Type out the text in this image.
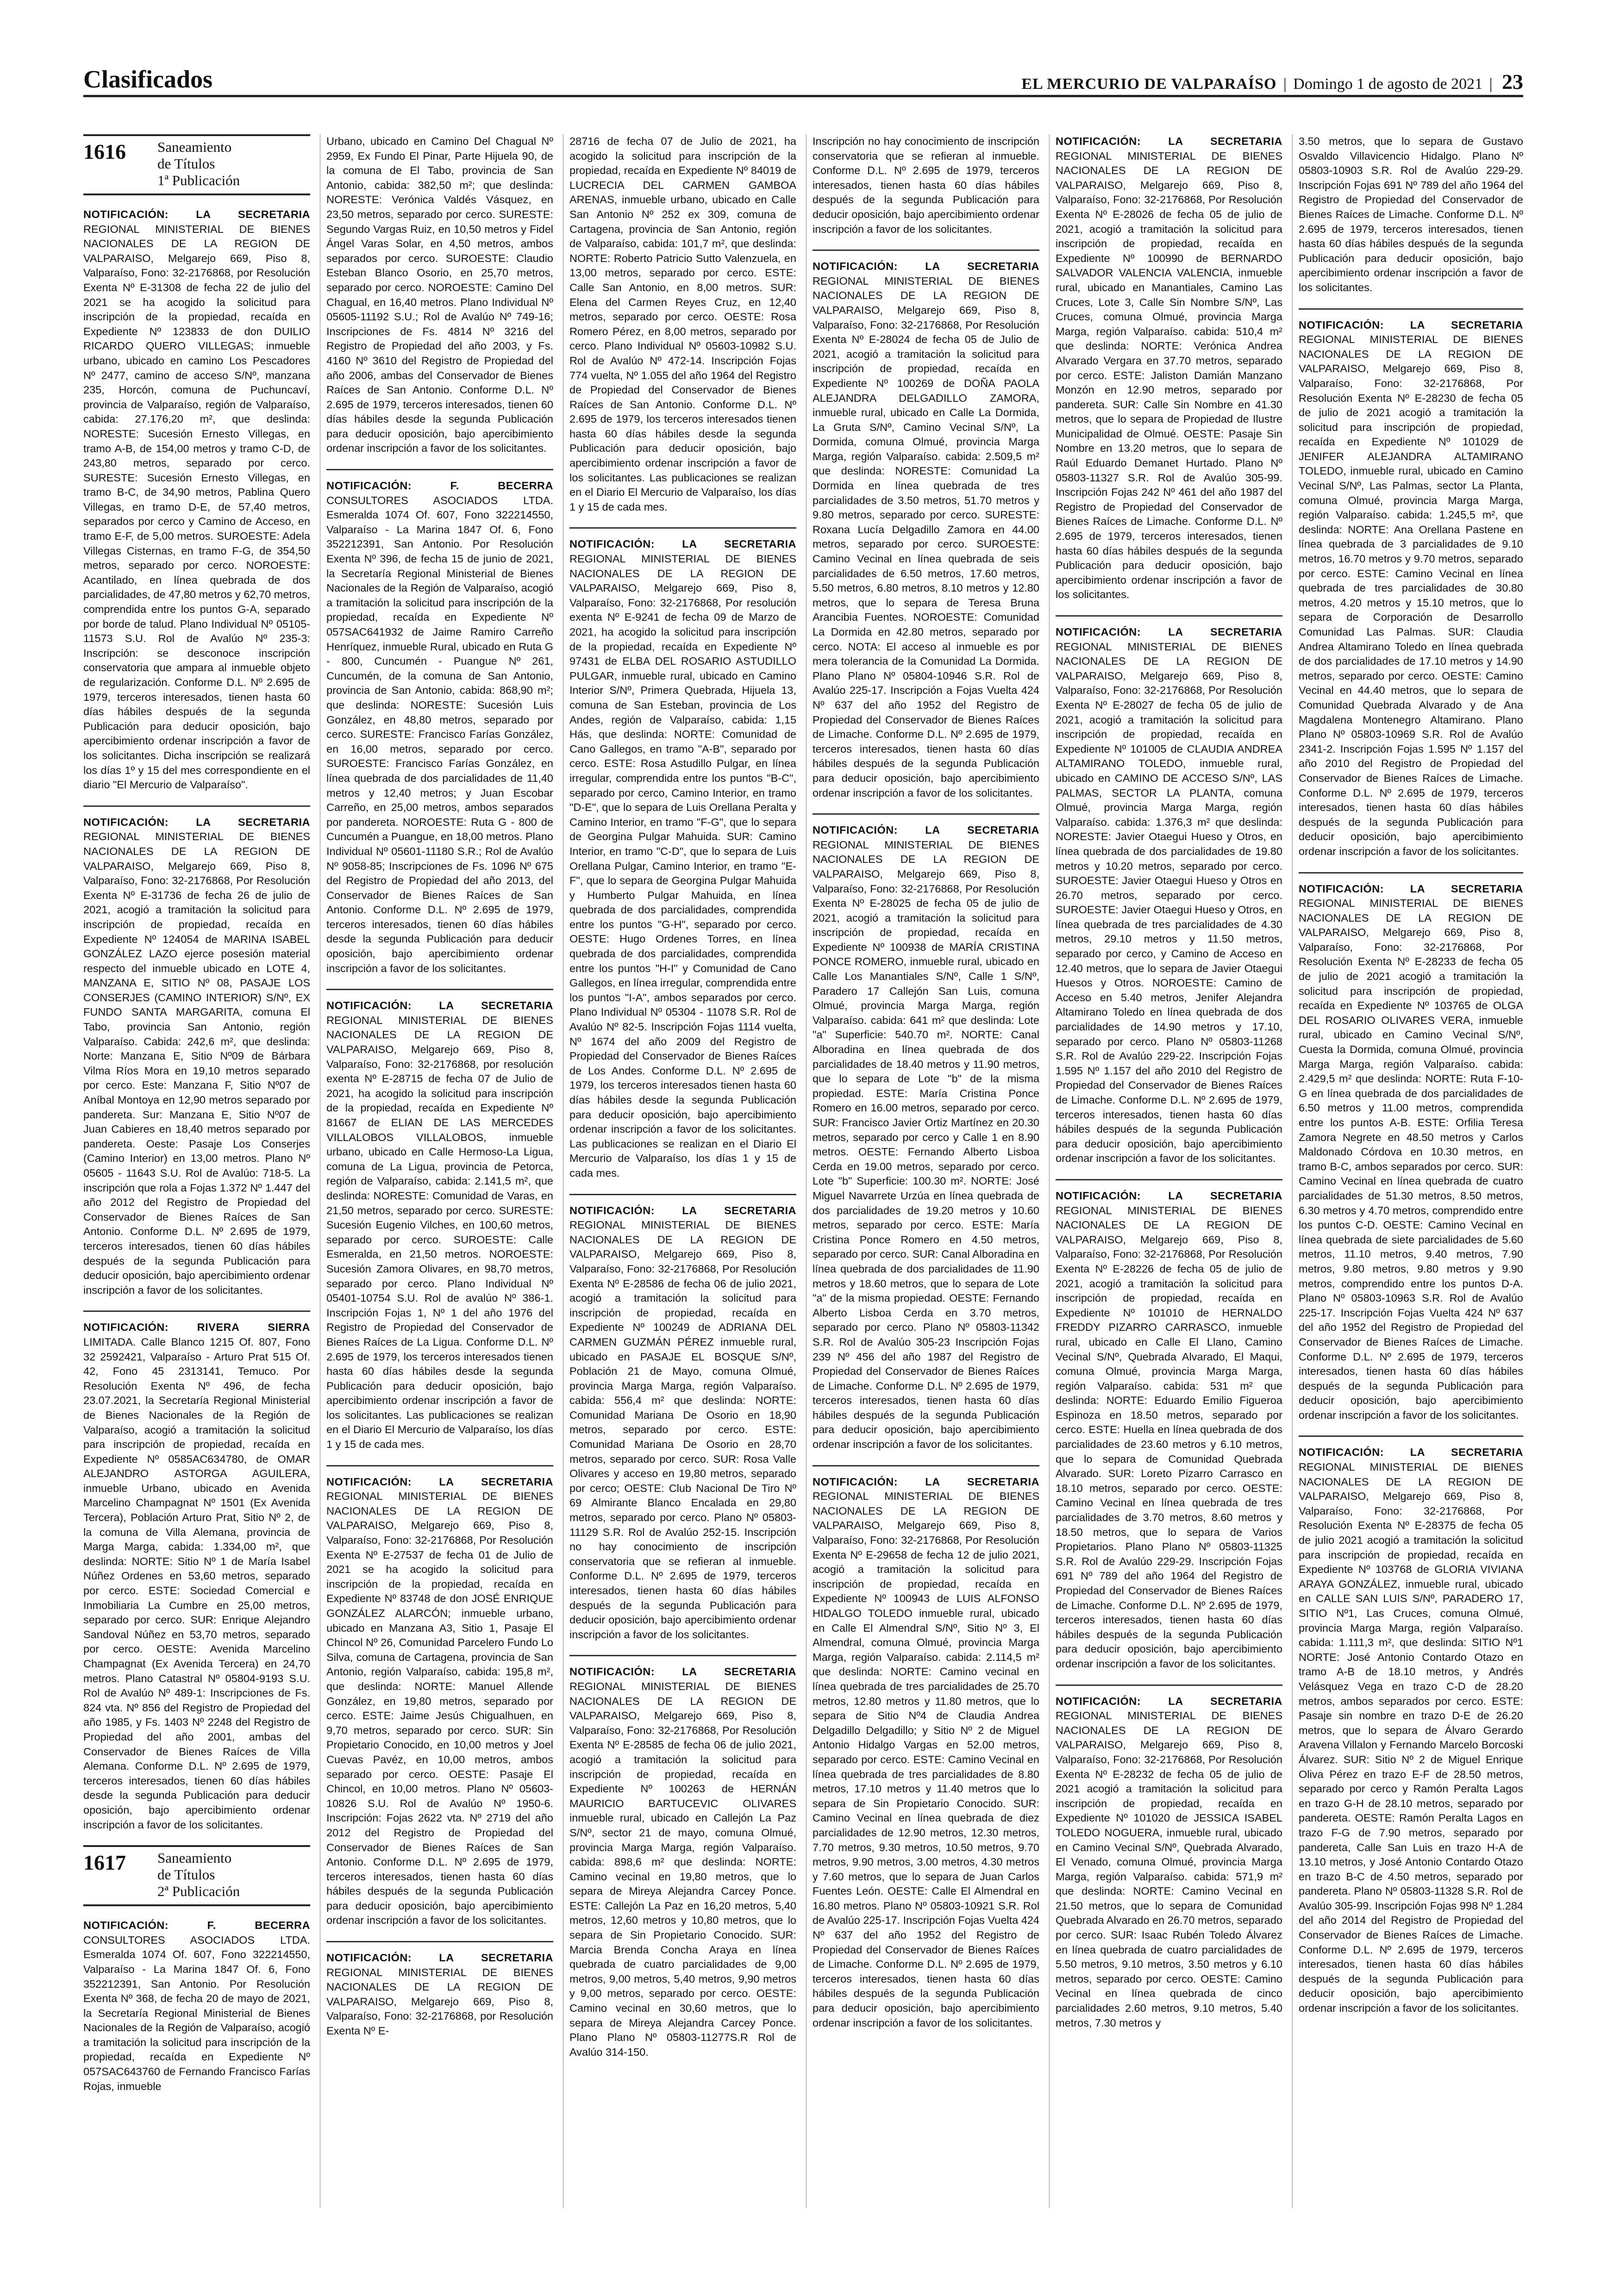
Clasificados	EL MERCURIO DE VALPARAÍSO | Domingo 1 de agosto de 2021 | 23
1616	Saneamiento
de Títulos
1ª Publicación

NOTIFICACIÓN: LA SECRETARIA REGIONAL MINISTERIAL DE BIENES NACIONALES DE LA REGION DE VALPARAISO, Melgarejo 669, Piso 8, Valparaíso, Fono: 32-2176868, por Resolución Exenta Nº E-31308 de fecha 22 de julio del 2021 se ha acogido la solicitud para inscripción de la propiedad, recaída en Expediente Nº 123833 de don DUILIO RICARDO QUERO VILLEGAS; inmueble urbano, ubicado en camino Los Pescadores Nº 2477, camino de acceso S/Nº, manzana 235, Horcón, comuna de Puchuncaví, provincia de Valparaíso, región de Valparaíso, cabida: 27.176,20 m², que deslinda: NORESTE: Sucesión Ernesto Villegas, en tramo A-B, de 154,00 metros y tramo C-D, de 243,80 metros, separado por cerco. SURESTE: Sucesión Ernesto Villegas, en tramo B-C, de 34,90 metros, Pablina Quero Villegas, en tramo D-E, de 57,40 metros, separados por cerco y Camino de Acceso, en tramo E-F, de 5,00 metros. SUROESTE: Adela Villegas Cisternas, en tramo F-G, de 354,50 metros, separado por cerco. NOROESTE: Acantilado, en línea quebrada de dos parcialidades, de 47,80 metros y 62,70 metros, comprendida entre los puntos G-A, separado por borde de talud. Plano Individual Nº 05105-11573 S.U. Rol de Avalúo Nº 235-3: Inscripción: se desconoce inscripción conservatoria que ampara al inmueble objeto de regularización. Conforme D.L. Nº 2.695 de 1979, terceros interesados, tienen hasta 60 días hábiles después de la segunda Publicación para deducir oposición, bajo apercibimiento ordenar inscripción a favor de los solicitantes. Dicha inscripción se realizará los días 1º y 15 del mes correspondiente en el diario "El Mercurio de Valparaíso".

NOTIFICACIÓN: LA SECRETARIA REGIONAL MINISTERIAL DE BIENES NACIONALES DE LA REGION DE VALPARAISO, Melgarejo 669, Piso 8, Valparaíso, Fono: 32-2176868, Por Resolución Exenta Nº E-31736 de fecha 26 de julio de 2021, acogió a tramitación la solicitud para inscripción de propiedad, recaída en Expediente Nº 124054 de MARINA ISABEL GONZÁLEZ LAZO ejerce posesión material respecto del inmueble ubicado en LOTE 4, MANZANA E, SITIO Nº 08, PASAJE LOS CONSERJES (CAMINO INTERIOR) S/Nº, EX FUNDO SANTA MARGARITA, comuna El Tabo, provincia San Antonio, región Valparaíso. Cabida: 242,6 m², que deslinda: Norte: Manzana E, Sitio Nº09 de Bárbara Vilma Ríos Mora en 19,10 metros separado por cerco. Este: Manzana F, Sitio Nº07 de Aníbal Montoya en 12,90 metros separado por pandereta. Sur: Manzana E, Sitio Nº07 de Juan Cabieres en 18,40 metros separado por pandereta. Oeste: Pasaje Los Conserjes (Camino Interior) en 13,00 metros. Plano Nº 05605 - 11643 S.U. Rol de Avalúo: 718-5. La inscripción que rola a Fojas 1.372 Nº 1.447 del año 2012 del Registro de Propiedad del Conservador de Bienes Raíces de San Antonio. Conforme D.L. Nº 2.695 de 1979, terceros interesados, tienen 60 días hábiles después de la segunda Publicación para deducir oposición, bajo apercibimiento ordenar inscripción a favor de los solicitantes.

NOTIFICACIÓN: RIVERA SIERRA LIMITADA. Calle Blanco 1215 Of. 807, Fono 32 2592421, Valparaíso - Arturo Prat 515 Of. 42, Fono 45 2313141, Temuco. Por Resolución Exenta Nº 496, de fecha 23.07.2021, la Secretaría Regional Ministerial de Bienes Nacionales de la Región de Valparaíso, acogió a tramitación la solicitud para inscripción de propiedad, recaída en Expediente Nº 0585AC634780, de OMAR ALEJANDRO ASTORGA AGUILERA, inmueble Urbano, ubicado en Avenida Marcelino Champagnat Nº 1501 (Ex Avenida Tercera), Población Arturo Prat, Sitio Nº 2, de la comuna de Villa Alemana, provincia de Marga Marga, cabida: 1.334,00 m², que deslinda: NORTE: Sitio Nº 1 de María Isabel Núñez Ordenes en 53,60 metros, separado por cerco. ESTE: Sociedad Comercial e Inmobiliaria La Cumbre en 25,00 metros, separado por cerco. SUR: Enrique Alejandro Sandoval Núñez en 53,70 metros, separado por cerco. OESTE: Avenida Marcelino Champagnat (Ex Avenida Tercera) en 24,70 metros. Plano Catastral Nº 05804-9193 S.U. Rol de Avalúo Nº 489-1: Inscripciones de Fs. 824 vta. Nº 856 del Registro de Propiedad del año 1985, y Fs. 1403 Nº 2248 del Registro de Propiedad del año 2001, ambas del Conservador de Bienes Raíces de Villa Alemana. Conforme D.L. Nº 2.695 de 1979, terceros interesados, tienen 60 días hábiles desde la segunda Publicación para deducir oposición, bajo apercibimiento ordenar inscripción a favor de los solicitantes.

1617	Saneamiento
de Títulos
2ª Publicación

NOTIFICACIÓN: F. BECERRA CONSULTORES ASOCIADOS LTDA. Esmeralda 1074 Of. 607, Fono 322214550, Valparaíso - La Marina 1847 Of. 6, Fono 352212391, San Antonio. Por Resolución Exenta Nº 368, de fecha 20 de mayo de 2021, la Secretaría Regional Ministerial de Bienes Nacionales de la Región de Valparaíso, acogió a tramitación la solicitud para inscripción de la propiedad, recaída en Expediente Nº 057SAC643760 de Fernando Francisco Farías Rojas, inmueble

Urbano, ubicado en Camino Del Chagual Nº 2959, Ex Fundo El Pinar, Parte Hijuela 90, de la comuna de El Tabo, provincia de San Antonio, cabida: 382,50 m²; que deslinda: NORESTE: Verónica Valdés Vásquez, en 23,50 metros, separado por cerco. SURESTE: Segundo Vargas Ruiz, en 10,50 metros y Fidel Ángel Varas Solar, en 4,50 metros, ambos separados por cerco. SUROESTE: Claudio Esteban Blanco Osorio, en 25,70 metros, separado por cerco. NOROESTE: Camino Del Chagual, en 16,40 metros. Plano Individual Nº 05605-11192 S.U.; Rol de Avalúo Nº 749-16; Inscripciones de Fs. 4814 Nº 3216 del Registro de Propiedad del año 2003, y Fs. 4160 Nº 3610 del Registro de Propiedad del año 2006, ambas del Conservador de Bienes Raíces de San Antonio. Conforme D.L. Nº 2.695 de 1979, terceros interesados, tienen 60 días hábiles desde la segunda Publicación para deducir oposición, bajo apercibimiento ordenar inscripción a favor de los solicitantes.

NOTIFICACIÓN: F. BECERRA CONSULTORES ASOCIADOS LTDA. Esmeralda 1074 Of. 607, Fono 322214550, Valparaíso - La Marina 1847 Of. 6, Fono 352212391, San Antonio. Por Resolución Exenta Nº 396, de fecha 15 de junio de 2021, la Secretaría Regional Ministerial de Bienes Nacionales de la Región de Valparaíso, acogió a tramitación la solicitud para inscripción de la propiedad, recaída en Expediente Nº 057SAC641932 de Jaime Ramiro Carreño Henríquez, inmueble Rural, ubicado en Ruta G - 800, Cuncumén - Puangue Nº 261, Cuncumén, de la comuna de San Antonio, provincia de San Antonio, cabida: 868,90 m²; que deslinda: NORESTE: Sucesión Luis González, en 48,80 metros, separado por cerco. SURESTE: Francisco Farías González, en 16,00 metros, separado por cerco. SUROESTE: Francisco Farías González, en línea quebrada de dos parcialidades de 11,40 metros y 12,40 metros; y Juan Escobar Carreño, en 25,00 metros, ambos separados por pandereta. NOROESTE: Ruta G - 800 de Cuncumén a Puangue, en 18,00 metros. Plano Individual Nº 05601-11180 S.R.; Rol de Avalúo Nº 9058-85; Inscripciones de Fs. 1096 Nº 675 del Registro de Propiedad del año 2013, del Conservador de Bienes Raíces de San Antonio. Conforme D.L. Nº 2.695 de 1979, terceros interesados, tienen 60 días hábiles desde la segunda Publicación para deducir oposición, bajo apercibimiento ordenar inscripción a favor de los solicitantes.

NOTIFICACIÓN: LA SECRETARIA REGIONAL MINISTERIAL DE BIENES NACIONALES DE LA REGION DE VALPARAISO, Melgarejo 669, Piso 8, Valparaíso, Fono: 32-2176868, por resolución exenta Nº E-28715 de fecha 07 de Julio de 2021, ha acogido la solicitud para inscripción de la propiedad, recaída en Expediente Nº 81667 de ELIAN DE LAS MERCEDES VILLALOBOS VILLALOBOS, inmueble urbano, ubicado en Calle Hermoso-La Ligua, comuna de La Ligua, provincia de Petorca, región de Valparaíso, cabida: 2.141,5 m², que deslinda: NORESTE: Comunidad de Varas, en 21,50 metros, separado por cerco. SURESTE: Sucesión Eugenio Vilches, en 100,60 metros, separado por cerco. SUROESTE: Calle Esmeralda, en 21,50 metros. NOROESTE: Sucesión Zamora Olivares, en 98,70 metros, separado por cerco. Plano Individual Nº 05401-10754 S.U. Rol de avalúo Nº 386-1. Inscripción Fojas 1, Nº 1 del año 1976 del Registro de Propiedad del Conservador de Bienes Raíces de La Ligua. Conforme D.L. Nº 2.695 de 1979, los terceros interesados tienen hasta 60 días hábiles desde la segunda Publicación para deducir oposición, bajo apercibimiento ordenar inscripción a favor de los solicitantes. Las publicaciones se realizan en el Diario El Mercurio de Valparaíso, los días 1 y 15 de cada mes.

NOTIFICACIÓN: LA SECRETARIA REGIONAL MINISTERIAL DE BIENES NACIONALES DE LA REGION DE VALPARAISO, Melgarejo 669, Piso 8, Valparaíso, Fono: 32-2176868, Por Resolución Exenta Nº E-27537 de fecha 01 de Julio de 2021 se ha acogido la solicitud para inscripción de la propiedad, recaída en Expediente Nº 83748 de don JOSÉ ENRIQUE GONZÁLEZ ALARCÓN; inmueble urbano, ubicado en Manzana A3, Sitio 1, Pasaje El Chincol Nº 26, Comunidad Parcelero Fundo Lo Silva, comuna de Cartagena, provincia de San Antonio, región Valparaíso, cabida: 195,8 m², que deslinda: NORTE: Manuel Allende González, en 19,80 metros, separado por cerco. ESTE: Jaime Jesús Chigualhuen, en 9,70 metros, separado por cerco. SUR: Sin Propietario Conocido, en 10,00 metros y Joel Cuevas Pavéz, en 10,00 metros, ambos separado por cerco. OESTE: Pasaje El Chincol, en 10,00 metros. Plano Nº 05603-10826 S.U. Rol de Avalúo Nº 1950-6. Inscripción: Fojas 2622 vta. Nº 2719 del año 2012 del Registro de Propiedad del Conservador de Bienes Raíces de San Antonio. Conforme D.L. Nº 2.695 de 1979, terceros interesados, tienen hasta 60 días hábiles después de la segunda Publicación para deducir oposición, bajo apercibimiento ordenar inscripción a favor de los solicitantes.

NOTIFICACIÓN: LA SECRETARIA REGIONAL MINISTERIAL DE BIENES NACIONALES DE LA REGION DE VALPARAISO, Melgarejo 669, Piso 8, Valparaíso, Fono: 32-2176868, por Resolución Exenta Nº E-

28716 de fecha 07 de Julio de 2021, ha acogido la solicitud para inscripción de la propiedad, recaída en Expediente Nº 84019 de LUCRECIA DEL CARMEN GAMBOA ARENAS, inmueble urbano, ubicado en Calle San Antonio Nº 252 ex 309, comuna de Cartagena, provincia de San Antonio, región de Valparaíso, cabida: 101,7 m², que deslinda: NORTE: Roberto Patricio Sutto Valenzuela, en 13,00 metros, separado por cerco. ESTE: Calle San Antonio, en 8,00 metros. SUR: Elena del Carmen Reyes Cruz, en 12,40 metros, separado por cerco. OESTE: Rosa Romero Pérez, en 8,00 metros, separado por cerco. Plano Individual Nº 05603-10982 S.U. Rol de Avalúo Nº 472-14. Inscripción Fojas 774 vuelta, Nº 1.055 del año 1964 del Registro de Propiedad del Conservador de Bienes Raíces de San Antonio. Conforme D.L. Nº 2.695 de 1979, los terceros interesados tienen hasta 60 días hábiles desde la segunda Publicación para deducir oposición, bajo apercibimiento ordenar inscripción a favor de los solicitantes. Las publicaciones se realizan en el Diario El Mercurio de Valparaíso, los días 1 y 15 de cada mes.

NOTIFICACIÓN: LA SECRETARIA REGIONAL MINISTERIAL DE BIENES NACIONALES DE LA REGION DE VALPARAISO, Melgarejo 669, Piso 8, Valparaíso, Fono: 32-2176868, Por resolución exenta Nº E-9241 de fecha 09 de Marzo de 2021, ha acogido la solicitud para inscripción de la propiedad, recaída en Expediente Nº 97431 de ELBA DEL ROSARIO ASTUDILLO PULGAR, inmueble rural, ubicado en Camino Interior S/Nº, Primera Quebrada, Hijuela 13, comuna de San Esteban, provincia de Los Andes, región de Valparaíso, cabida: 1,15 Hás, que deslinda: NORTE: Comunidad de Cano Gallegos, en tramo "A-B", separado por cerco. ESTE: Rosa Astudillo Pulgar, en línea irregular, comprendida entre los puntos "B-C", separado por cerco, Camino Interior, en tramo "D-E", que lo separa de Luis Orellana Peralta y Camino Interior, en tramo "F-G", que lo separa de Georgina Pulgar Mahuida. SUR: Camino Interior, en tramo "C-D", que lo separa de Luis Orellana Pulgar, Camino Interior, en tramo "E-F", que lo separa de Georgina Pulgar Mahuida y Humberto Pulgar Mahuida, en línea quebrada de dos parcialidades, comprendida entre los puntos "G-H", separado por cerco. OESTE: Hugo Ordenes Torres, en línea quebrada de dos parcialidades, comprendida entre los puntos "H-I" y Comunidad de Cano Gallegos, en línea irregular, comprendida entre los puntos "I-A", ambos separados por cerco. Plano Individual Nº 05304 - 11078 S.R. Rol de Avalúo Nº 82-5. Inscripción Fojas 1114 vuelta, Nº 1674 del año 2009 del Registro de Propiedad del Conservador de Bienes Raíces de Los Andes. Conforme D.L. Nº 2.695 de 1979, los terceros interesados tienen hasta 60 días hábiles desde la segunda Publicación para deducir oposición, bajo apercibimiento ordenar inscripción a favor de los solicitantes. Las publicaciones se realizan en el Diario El Mercurio de Valparaíso, los días 1 y 15 de cada mes.

NOTIFICACIÓN: LA SECRETARIA REGIONAL MINISTERIAL DE BIENES NACIONALES DE LA REGION DE VALPARAISO, Melgarejo 669, Piso 8, Valparaíso, Fono: 32-2176868, Por Resolución Exenta Nº E-28586 de fecha 06 de julio 2021, acogió a tramitación la solicitud para inscripción de propiedad, recaída en Expediente Nº 100249 de ADRIANA DEL CARMEN GUZMÁN PÉREZ inmueble rural, ubicado en PASAJE EL BOSQUE S/Nº, Población 21 de Mayo, comuna Olmué, provincia Marga Marga, región Valparaíso. cabida: 556,4 m² que deslinda: NORTE: Comunidad Mariana De Osorio en 18,90 metros, separado por cerco. ESTE: Comunidad Mariana De Osorio en 28,70 metros, separado por cerco. SUR: Rosa Valle Olivares y acceso en 19,80 metros, separado por cerco; OESTE: Club Nacional De Tiro Nº 69 Almirante Blanco Encalada en 29,80 metros, separado por cerco. Plano Nº 05803-11129 S.R. Rol de Avalúo 252-15. Inscripción no hay conocimiento de inscripción conservatoria que se refieran al inmueble. Conforme D.L. Nº 2.695 de 1979, terceros interesados, tienen hasta 60 días hábiles después de la segunda Publicación para deducir oposición, bajo apercibimiento ordenar inscripción a favor de los solicitantes.

NOTIFICACIÓN: LA SECRETARIA REGIONAL MINISTERIAL DE BIENES NACIONALES DE LA REGION DE VALPARAISO, Melgarejo 669, Piso 8, Valparaíso, Fono: 32-2176868, Por Resolución Exenta Nº E-28585 de fecha 06 de julio 2021, acogió a tramitación la solicitud para inscripción de propiedad, recaída en Expediente Nº 100263 de HERNÁN MAURICIO BARTUCEVIC OLIVARES inmueble rural, ubicado en Callejón La Paz S/Nº, sector 21 de mayo, comuna Olmué, provincia Marga Marga, región Valparaíso. cabida: 898,6 m² que deslinda: NORTE: Camino vecinal en 19,80 metros, que lo separa de Mireya Alejandra Carcey Ponce. ESTE: Callejón La Paz en 16,20 metros, 5,40 metros, 12,60 metros y 10,80 metros, que lo separa de Sin Propietario Conocido. SUR: Marcia Brenda Concha Araya en línea quebrada de cuatro parcialidades de 9,00 metros, 9,00 metros, 5,40 metros, 9,90 metros y 9,00 metros, separado por cerco. OESTE: Camino vecinal en 30,60 metros, que lo separa de Mireya Alejandra Carcey Ponce. Plano Plano Nº 05803-11277S.R Rol de Avalúo 314-150.

Inscripción no hay conocimiento de inscripción conservatoria que se refieran al inmueble. Conforme D.L. Nº 2.695 de 1979, terceros interesados, tienen hasta 60 días hábiles después de la segunda Publicación para deducir oposición, bajo apercibimiento ordenar inscripción a favor de los solicitantes.

NOTIFICACIÓN: LA SECRETARIA REGIONAL MINISTERIAL DE BIENES NACIONALES DE LA REGION DE VALPARAISO, Melgarejo 669, Piso 8, Valparaíso, Fono: 32-2176868, Por Resolución Exenta Nº E-28024 de fecha 05 de Julio de 2021, acogió a tramitación la solicitud para inscripción de propiedad, recaída en Expediente Nº 100269 de DOÑA PAOLA ALEJANDRA DELGADILLO ZAMORA, inmueble rural, ubicado en Calle La Dormida, La Gruta S/Nº, Camino Vecinal S/Nº, La Dormida, comuna Olmué, provincia Marga Marga, región Valparaíso. cabida: 2.509,5 m² que deslinda: NORESTE: Comunidad La Dormida en línea quebrada de tres parcialidades de 3.50 metros, 51.70 metros y 9.80 metros, separado por cerco. SURESTE: Roxana Lucía Delgadillo Zamora en 44.00 metros, separado por cerco. SUROESTE: Camino Vecinal en línea quebrada de seis parcialidades de 6.50 metros, 17.60 metros, 5.50 metros, 6.80 metros, 8.10 metros y 12.80 metros, que lo separa de Teresa Bruna Arancibia Fuentes. NOROESTE: Comunidad La Dormida en 42.80 metros, separado por cerco. NOTA: El acceso al inmueble es por mera tolerancia de la Comunidad La Dormida. Plano Plano Nº 05804-10946 S.R. Rol de Avalúo 225-17. Inscripción a Fojas Vuelta 424 Nº 637 del año 1952 del Registro de Propiedad del Conservador de Bienes Raíces de Limache. Conforme D.L. Nº 2.695 de 1979, terceros interesados, tienen hasta 60 días hábiles después de la segunda Publicación para deducir oposición, bajo apercibimiento ordenar inscripción a favor de los solicitantes.

NOTIFICACIÓN: LA SECRETARIA REGIONAL MINISTERIAL DE BIENES NACIONALES DE LA REGION DE VALPARAISO, Melgarejo 669, Piso 8, Valparaíso, Fono: 32-2176868, Por Resolución Exenta Nº E-28025 de fecha 05 de julio de 2021, acogió a tramitación la solicitud para inscripción de propiedad, recaída en Expediente Nº 100938 de MARÍA CRISTINA PONCE ROMERO, inmueble rural, ubicado en Calle Los Manantiales S/Nº, Calle 1 S/Nº, Paradero 17 Callejón San Luis, comuna Olmué, provincia Marga Marga, región Valparaíso. cabida: 641 m² que deslinda: Lote "a" Superficie: 540.70 m². NORTE: Canal Alboradina en línea quebrada de dos parcialidades de 18.40 metros y 11.90 metros, que lo separa de Lote "b" de la misma propiedad. ESTE: María Cristina Ponce Romero en 16.00 metros, separado por cerco. SUR: Francisco Javier Ortiz Martínez en 20.30 metros, separado por cerco y Calle 1 en 8.90 metros. OESTE: Fernando Alberto Lisboa Cerda en 19.00 metros, separado por cerco. Lote "b" Superficie: 100.30 m². NORTE: José Miguel Navarrete Urzúa en línea quebrada de dos parcialidades de 19.20 metros y 10.60 metros, separado por cerco. ESTE: María Cristina Ponce Romero en 4.50 metros, separado por cerco. SUR: Canal Alboradina en línea quebrada de dos parcialidades de 11.90 metros y 18.60 metros, que lo separa de Lote "a" de la misma propiedad. OESTE: Fernando Alberto Lisboa Cerda en 3.70 metros, separado por cerco. Plano Nº 05803-11342 S.R. Rol de Avalúo 305-23 Inscripción Fojas 239 Nº 456 del año 1987 del Registro de Propiedad del Conservador de Bienes Raíces de Limache. Conforme D.L. Nº 2.695 de 1979, terceros interesados, tienen hasta 60 días hábiles después de la segunda Publicación para deducir oposición, bajo apercibimiento ordenar inscripción a favor de los solicitantes.

NOTIFICACIÓN: LA SECRETARIA REGIONAL MINISTERIAL DE BIENES NACIONALES DE LA REGION DE VALPARAISO, Melgarejo 669, Piso 8, Valparaíso, Fono: 32-2176868, Por Resolución Exenta Nº E-29658 de fecha 12 de julio 2021, acogió a tramitación la solicitud para inscripción de propiedad, recaída en Expediente Nº 100943 de LUIS ALFONSO HIDALGO TOLEDO inmueble rural, ubicado en Calle El Almendral S/Nº, Sitio Nº 3, El Almendral, comuna Olmué, provincia Marga Marga, región Valparaíso. cabida: 2.114,5 m² que deslinda: NORTE: Camino vecinal en línea quebrada de tres parcialidades de 25.70 metros, 12.80 metros y 11.80 metros, que lo separa de Sitio Nº4 de Claudia Andrea Delgadillo Delgadillo; y Sitio Nº 2 de Miguel Antonio Hidalgo Vargas en 52.00 metros, separado por cerco. ESTE: Camino Vecinal en línea quebrada de tres parcialidades de 8.80 metros, 17.10 metros y 11.40 metros que lo separa de Sin Propietario Conocido. SUR: Camino Vecinal en línea quebrada de diez parcialidades de 12.90 metros, 12.30 metros, 7.70 metros, 9.30 metros, 10.50 metros, 9.70 metros, 9.90 metros, 3.00 metros, 4.30 metros y 7.60 metros, que lo separa de Juan Carlos Fuentes León. OESTE: Calle El Almendral en 16.80 metros. Plano Nº 05803-10921 S.R. Rol de Avalúo 225-17. Inscripción Fojas Vuelta 424 Nº 637 del año 1952 del Registro de Propiedad del Conservador de Bienes Raíces de Limache. Conforme D.L. Nº 2.695 de 1979, terceros interesados, tienen hasta 60 días hábiles después de la segunda Publicación para deducir oposición, bajo apercibimiento ordenar inscripción a favor de los solicitantes.

NOTIFICACIÓN: LA SECRETARIA REGIONAL MINISTERIAL DE BIENES NACIONALES DE LA REGION DE VALPARAISO, Melgarejo 669, Piso 8, Valparaíso, Fono: 32-2176868, Por Resolución Exenta Nº E-28026 de fecha 05 de julio de 2021, acogió a tramitación la solicitud para inscripción de propiedad, recaída en Expediente Nº 100990 de BERNARDO SALVADOR VALENCIA VALENCIA, inmueble rural, ubicado en Manantiales, Camino Las Cruces, Lote 3, Calle Sin Nombre S/Nº, Las Cruces, comuna Olmué, provincia Marga Marga, región Valparaíso. cabida: 510,4 m² que deslinda: NORTE: Verónica Andrea Alvarado Vergara en 37.70 metros, separado por cerco. ESTE: Jaliston Damián Manzano Monzón en 12.90 metros, separado por pandereta. SUR: Calle Sin Nombre en 41.30 metros, que lo separa de Propiedad de Ilustre Municipalidad de Olmué. OESTE: Pasaje Sin Nombre en 13.20 metros, que lo separa de Raúl Eduardo Demanet Hurtado. Plano Nº 05803-11327 S.R. Rol de Avalúo 305-99. Inscripción Fojas 242 Nº 461 del año 1987 del Registro de Propiedad del Conservador de Bienes Raíces de Limache. Conforme D.L. Nº 2.695 de 1979, terceros interesados, tienen hasta 60 días hábiles después de la segunda Publicación para deducir oposición, bajo apercibimiento ordenar inscripción a favor de los solicitantes.

NOTIFICACIÓN: LA SECRETARIA REGIONAL MINISTERIAL DE BIENES NACIONALES DE LA REGION DE VALPARAISO, Melgarejo 669, Piso 8, Valparaíso, Fono: 32-2176868, Por Resolución Exenta Nº E-28027 de fecha 05 de julio de 2021, acogió a tramitación la solicitud para inscripción de propiedad, recaída en Expediente Nº 101005 de CLAUDIA ANDREA ALTAMIRANO TOLEDO, inmueble rural, ubicado en CAMINO DE ACCESO S/Nº, LAS PALMAS, SECTOR LA PLANTA, comuna Olmué, provincia Marga Marga, región Valparaíso. cabida: 1.376,3 m² que deslinda: NORESTE: Javier Otaegui Hueso y Otros, en línea quebrada de dos parcialidades de 19.80 metros y 10.20 metros, separado por cerco. SUROESTE: Javier Otaegui Hueso y Otros en 26.70 metros, separado por cerco. SUROESTE: Javier Otaegui Hueso y Otros, en línea quebrada de tres parcialidades de 4.30 metros, 29.10 metros y 11.50 metros, separado por cerco, y Camino de Acceso en 12.40 metros, que lo separa de Javier Otaegui Huesos y Otros. NOROESTE: Camino de Acceso en 5.40 metros, Jenifer Alejandra Altamirano Toledo en línea quebrada de dos parcialidades de 14.90 metros y 17.10, separado por cerco. Plano Nº 05803-11268 S.R. Rol de Avalúo 229-22. Inscripción Fojas 1.595 Nº 1.157 del año 2010 del Registro de Propiedad del Conservador de Bienes Raíces de Limache. Conforme D.L. Nº 2.695 de 1979, terceros interesados, tienen hasta 60 días hábiles después de la segunda Publicación para deducir oposición, bajo apercibimiento ordenar inscripción a favor de los solicitantes.

NOTIFICACIÓN: LA SECRETARIA REGIONAL MINISTERIAL DE BIENES NACIONALES DE LA REGION DE VALPARAISO, Melgarejo 669, Piso 8, Valparaíso, Fono: 32-2176868, Por Resolución Exenta Nº E-28226 de fecha 05 de julio de 2021, acogió a tramitación la solicitud para inscripción de propiedad, recaída en Expediente Nº 101010 de HERNALDO FREDDY PIZARRO CARRASCO, inmueble rural, ubicado en Calle El Llano, Camino Vecinal S/Nº, Quebrada Alvarado, El Maqui, comuna Olmué, provincia Marga Marga, región Valparaíso. cabida: 531 m² que deslinda: NORTE: Eduardo Emilio Figueroa Espinoza en 18.50 metros, separado por cerco. ESTE: Huella en línea quebrada de dos parcialidades de 23.60 metros y 6.10 metros, que lo separa de Comunidad Quebrada Alvarado. SUR: Loreto Pizarro Carrasco en 18.10 metros, separado por cerco. OESTE: Camino Vecinal en línea quebrada de tres parcialidades de 3.70 metros, 8.60 metros y 18.50 metros, que lo separa de Varios Propietarios. Plano Plano Nº 05803-11325 S.R. Rol de Avalúo 229-29. Inscripción Fojas 691 Nº 789 del año 1964 del Registro de Propiedad del Conservador de Bienes Raíces de Limache. Conforme D.L. Nº 2.695 de 1979, terceros interesados, tienen hasta 60 días hábiles después de la segunda Publicación para deducir oposición, bajo apercibimiento ordenar inscripción a favor de los solicitantes.

NOTIFICACIÓN: LA SECRETARIA REGIONAL MINISTERIAL DE BIENES NACIONALES DE LA REGION DE VALPARAISO, Melgarejo 669, Piso 8, Valparaíso, Fono: 32-2176868, Por Resolución Exenta Nº E-28232 de fecha 05 de julio de 2021 acogió a tramitación la solicitud para inscripción de propiedad, recaída en Expediente Nº 101020 de JESSICA ISABEL TOLEDO NOGUERA, inmueble rural, ubicado en Camino Vecinal S/Nº, Quebrada Alvarado, El Venado, comuna Olmué, provincia Marga Marga, región Valparaíso. cabida: 571,9 m² que deslinda: NORTE: Camino Vecinal en 21.50 metros, que lo separa de Comunidad Quebrada Alvarado en 26.70 metros, separado por cerco. SUR: Isaac Rubén Toledo Álvarez en línea quebrada de cuatro parcialidades de 5.50 metros, 9.10 metros, 3.50 metros y 6.10 metros, separado por cerco. OESTE: Camino Vecinal en línea quebrada de cinco parcialidades 2.60 metros, 9.10 metros, 5.40 metros, 7.30 metros y

3.50 metros, que lo separa de Gustavo Osvaldo Villavicencio Hidalgo. Plano Nº 05803-10903 S.R. Rol de Avalúo 229-29. Inscripción Fojas 691 Nº 789 del año 1964 del Registro de Propiedad del Conservador de Bienes Raíces de Limache. Conforme D.L. Nº 2.695 de 1979, terceros interesados, tienen hasta 60 días hábiles después de la segunda Publicación para deducir oposición, bajo apercibimiento ordenar inscripción a favor de los solicitantes.

NOTIFICACIÓN: LA SECRETARIA REGIONAL MINISTERIAL DE BIENES NACIONALES DE LA REGION DE VALPARAISO, Melgarejo 669, Piso 8, Valparaíso, Fono: 32-2176868, Por Resolución Exenta Nº E-28230 de fecha 05 de julio de 2021 acogió a tramitación la solicitud para inscripción de propiedad, recaída en Expediente Nº 101029 de JENIFER ALEJANDRA ALTAMIRANO TOLEDO, inmueble rural, ubicado en Camino Vecinal S/Nº, Las Palmas, sector La Planta, comuna Olmué, provincia Marga Marga, región Valparaíso. cabida: 1.245,5 m², que deslinda: NORTE: Ana Orellana Pastene en línea quebrada de 3 parcialidades de 9.10 metros, 16.70 metros y 9.70 metros, separado por cerco. ESTE: Camino Vecinal en línea quebrada de tres parcialidades de 30.80 metros, 4.20 metros y 15.10 metros, que lo separa de Corporación de Desarrollo Comunidad Las Palmas. SUR: Claudia Andrea Altamirano Toledo en línea quebrada de dos parcialidades de 17.10 metros y 14.90 metros, separado por cerco. OESTE: Camino Vecinal en 44.40 metros, que lo separa de Comunidad Quebrada Alvarado y de Ana Magdalena Montenegro Altamirano. Plano Plano Nº 05803-10969 S.R. Rol de Avalúo 2341-2. Inscripción Fojas 1.595 Nº 1.157 del año 2010 del Registro de Propiedad del Conservador de Bienes Raíces de Limache. Conforme D.L. Nº 2.695 de 1979, terceros interesados, tienen hasta 60 días hábiles después de la segunda Publicación para deducir oposición, bajo apercibimiento ordenar inscripción a favor de los solicitantes.

NOTIFICACIÓN: LA SECRETARIA REGIONAL MINISTERIAL DE BIENES NACIONALES DE LA REGION DE VALPARAISO, Melgarejo 669, Piso 8, Valparaíso, Fono: 32-2176868, Por Resolución Exenta Nº E-28233 de fecha 05 de julio de 2021 acogió a tramitación la solicitud para inscripción de propiedad, recaída en Expediente Nº 103765 de OLGA DEL ROSARIO OLIVARES VERA, inmueble rural, ubicado en Camino Vecinal S/Nº, Cuesta la Dormida, comuna Olmué, provincia Marga Marga, región Valparaíso. cabida: 2.429,5 m² que deslinda: NORTE: Ruta F-10-G en línea quebrada de dos parcialidades de 6.50 metros y 11.00 metros, comprendida entre los puntos A-B. ESTE: Orfilia Teresa Zamora Negrete en 48.50 metros y Carlos Maldonado Córdova en 10.30 metros, en tramo B-C, ambos separados por cerco. SUR: Camino Vecinal en línea quebrada de cuatro parcialidades de 51.30 metros, 8.50 metros, 6.30 metros y 4.70 metros, comprendido entre los puntos C-D. OESTE: Camino Vecinal en línea quebrada de siete parcialidades de 5.60 metros, 11.10 metros, 9.40 metros, 7.90 metros, 9.80 metros, 9.80 metros y 9.90 metros, comprendido entre los puntos D-A. Plano Nº 05803-10963 S.R. Rol de Avalúo 225-17. Inscripción Fojas Vuelta 424 Nº 637 del año 1952 del Registro de Propiedad del Conservador de Bienes Raíces de Limache. Conforme D.L. Nº 2.695 de 1979, terceros interesados, tienen hasta 60 días hábiles después de la segunda Publicación para deducir oposición, bajo apercibimiento ordenar inscripción a favor de los solicitantes.

NOTIFICACIÓN: LA SECRETARIA REGIONAL MINISTERIAL DE BIENES NACIONALES DE LA REGION DE VALPARAISO, Melgarejo 669, Piso 8, Valparaíso, Fono: 32-2176868, Por Resolución Exenta Nº E-28375 de fecha 05 de julio 2021 acogió a tramitación la solicitud para inscripción de propiedad, recaída en Expediente Nº 103768 de GLORIA VIVIANA ARAYA GONZÁLEZ, inmueble rural, ubicado en CALLE SAN LUIS S/Nº, PARADERO 17, SITIO Nº1, Las Cruces, comuna Olmué, provincia Marga Marga, región Valparaíso. cabida: 1.111,3 m², que deslinda: SITIO Nº1 NORTE: José Antonio Contardo Otazo en tramo A-B de 18.10 metros, y Andrés Velásquez Vega en trazo C-D de 28.20 metros, ambos separados por cerco. ESTE: Pasaje sin nombre en trazo D-E de 26.20 metros, que lo separa de Álvaro Gerardo Aravena Villalon y Fernando Marcelo Borcoski Álvarez. SUR: Sitio Nº 2 de Miguel Enrique Oliva Pérez en trazo E-F de 28.50 metros, separado por cerco y Ramón Peralta Lagos en trazo G-H de 28.10 metros, separado por pandereta. OESTE: Ramón Peralta Lagos en trazo F-G de 7.90 metros, separado por pandereta, Calle San Luis en trazo H-A de 13.10 metros, y José Antonio Contardo Otazo en trazo B-C de 4.50 metros, separado por pandereta. Plano Nº 05803-11328 S.R. Rol de Avalúo 305-99. Inscripción Fojas 998 Nº 1.284 del año 2014 del Registro de Propiedad del Conservador de Bienes Raíces de Limache. Conforme D.L. Nº 2.695 de 1979, terceros interesados, tienen hasta 60 días hábiles después de la segunda Publicación para deducir oposición, bajo apercibimiento ordenar inscripción a favor de los solicitantes.
